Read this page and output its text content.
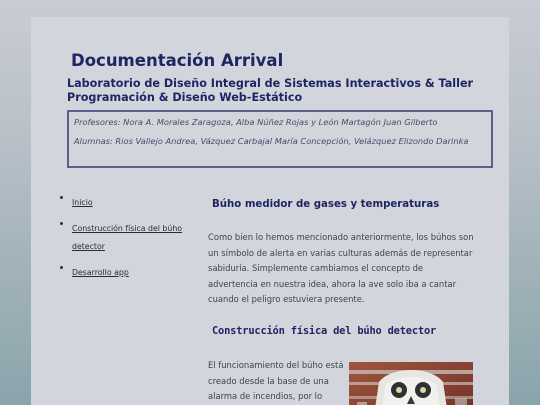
Documentación Arrival
Laboratorio de Diseño Integral de Sistemas Interactivos & Taller Programación & Diseño Web-Estático

Profesores: Nora A. Morales Zaragoza, Alba Núñez Rojas y León Martagón Juan Gilberto

Alumnas: Rios Vallejo Andrea, Vázquez Carbajal María Concepción, Velázquez Elizondo Darinka

Inicio
Construcción física del búho detector
Desarrollo app
Búho medidor de gases y temperaturas

Como bien lo hemos mencionado anteriormente, los búhos son un símbolo de alerta en varias culturas además de representar sabiduría. Simplemente cambiamos el concepto de advertencia en nuestra idea, ahora la ave solo iba a cantar cuando el peligro estuviera presente.

Construcción física del búho detector

El funcionamiento del búho está creado desde la base de una alarma de incendios, por lo
